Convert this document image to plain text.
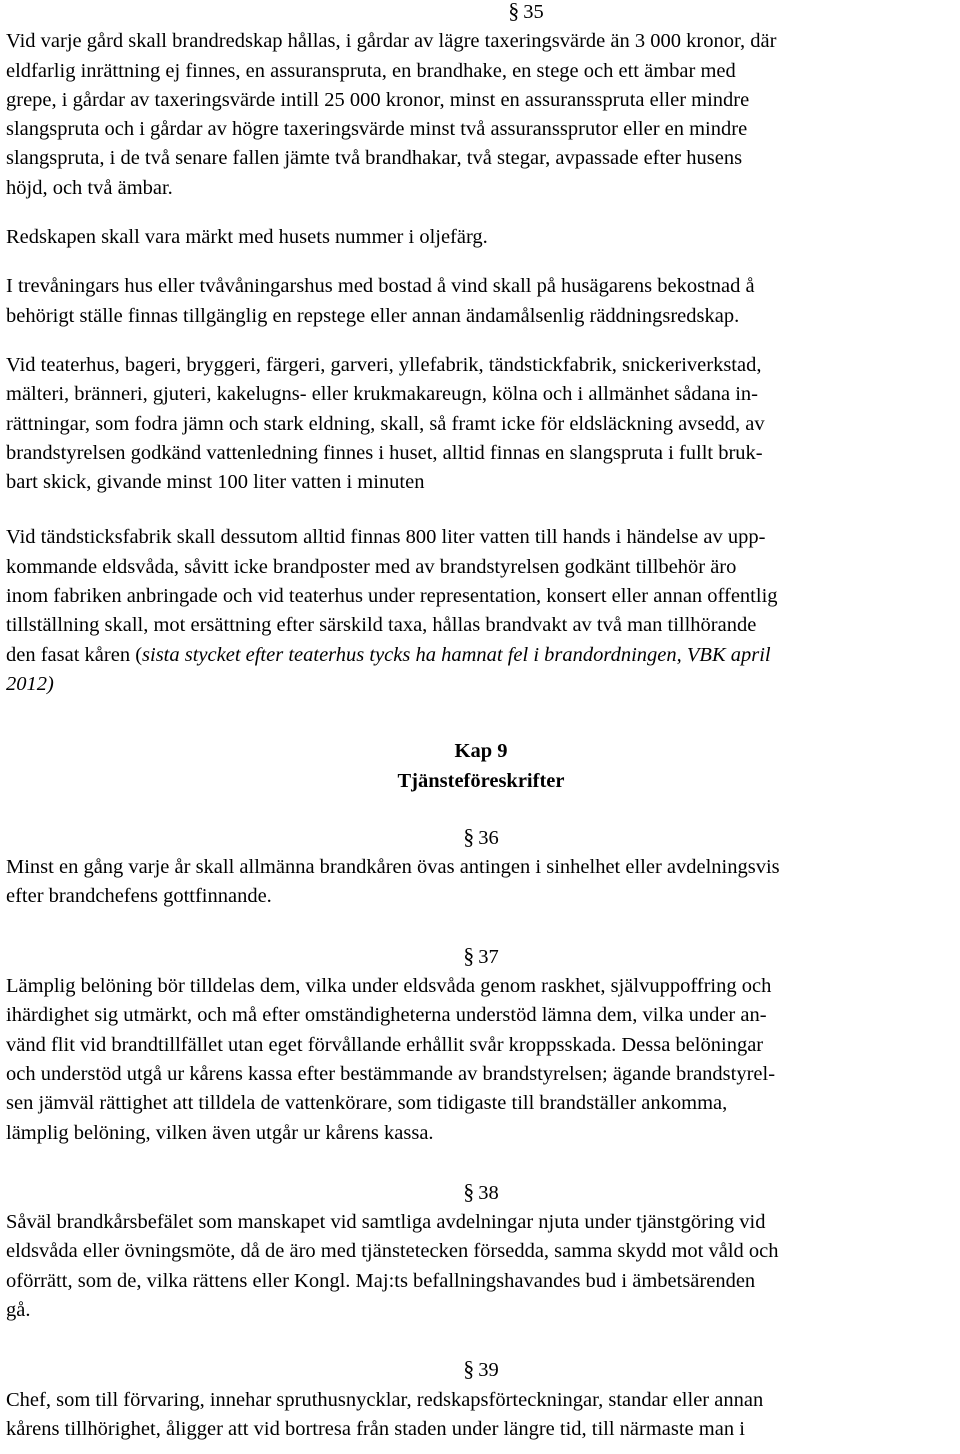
§ 35

Vid varje gård skall brandredskap hållas, i gårdar av lägre taxeringsvärde än 3 000 kronor, där
eldfarlig inrättning ej finnes, en assuranspruta, en brandhake, en stege och ett ämbar med
grepe, i gårdar av taxeringsvärde intill 25 000 kronor, minst en assuransspruta eller mindre
slangspruta och i gårdar av högre taxeringsvärde minst två assuranssprutor eller en mindre
slangspruta, i de två senare fallen jämte två brandhakar, två stegar, avpassade efter husens
höjd, och två ämbar.

Redskapen skall vara märkt med husets nummer i oljefärg.

I trevåningars hus eller tvåvåningarshus med bostad å vind skall på husägarens bekostnad å
behörigt ställe finnas tillgänglig en repstege eller annan ändamålsenlig räddningsredskap.

Vid teaterhus, bageri, bryggeri, färgeri, garveri, yllefabrik, tändstickfabrik, snickeriverkstad,
mälteri, bränneri, gjuteri, kakelugns- eller krukmakareugn, kölna och i allmänhet sådana in-
rättningar, som fodra jämn och stark eldning, skall, så framt icke för eldsläckning avsedd, av
brandstyrelsen godkänd vattenledning finnes i huset, alltid finnas en slangspruta i fullt bruk-
bart skick, givande minst 100 liter vatten i minuten

Vid tändsticksfabrik skall dessutom alltid finnas 800 liter vatten till hands i händelse av upp-
kommande eldsvåda, såvitt icke brandposter med av brandstyrelsen godkänt tillbehör äro
inom fabriken anbringade och vid teaterhus under representation, konsert eller annan offentlig
tillställning skall, mot ersättning efter särskild taxa, hållas brandvakt av två man tillhörande
den fasat kåren (sista stycket efter teaterhus tycks ha hamnat fel i brandordningen, VBK april
2012)

Kap 9

Tjänsteföreskrifter

§ 36

Minst en gång varje år skall allmänna brandkåren övas antingen i sinhelhet eller avdelningsvis
efter brandchefens gottfinnande.

§ 37

Lämplig belöning bör tilldelas dem, vilka under eldsvåda genom raskhet, självuppoffring och
ihärdighet sig utmärkt, och må efter omständigheterna understöd lämna dem, vilka under an-
vänd flit vid brandtillfället utan eget förvållande erhållit svår kroppsskada. Dessa belöningar
och understöd utgå ur kårens kassa efter bestämmande av brandstyrelsen; ägande brandstyrel-
sen jämväl rättighet att tilldela de vattenkörare, som tidigaste till brandställer ankomma,
lämplig belöning, vilken även utgår ur kårens kassa.

§ 38

Såväl brandkårsbefälet som manskapet vid samtliga avdelningar njuta under tjänstgöring vid
eldsvåda eller övningsmöte, då de äro med tjänstetecken försedda, samma skydd mot våld och
oförrätt, som de, vilka rättens eller Kongl. Maj:ts befallningshavandes bud i ämbetsärenden
gå.

§ 39

Chef, som till förvaring, innehar spruthusnycklar, redskapsförteckningar, standar eller annan
kårens tillhörighet, åligger att vid bortresa från staden under längre tid, till närmaste man i
